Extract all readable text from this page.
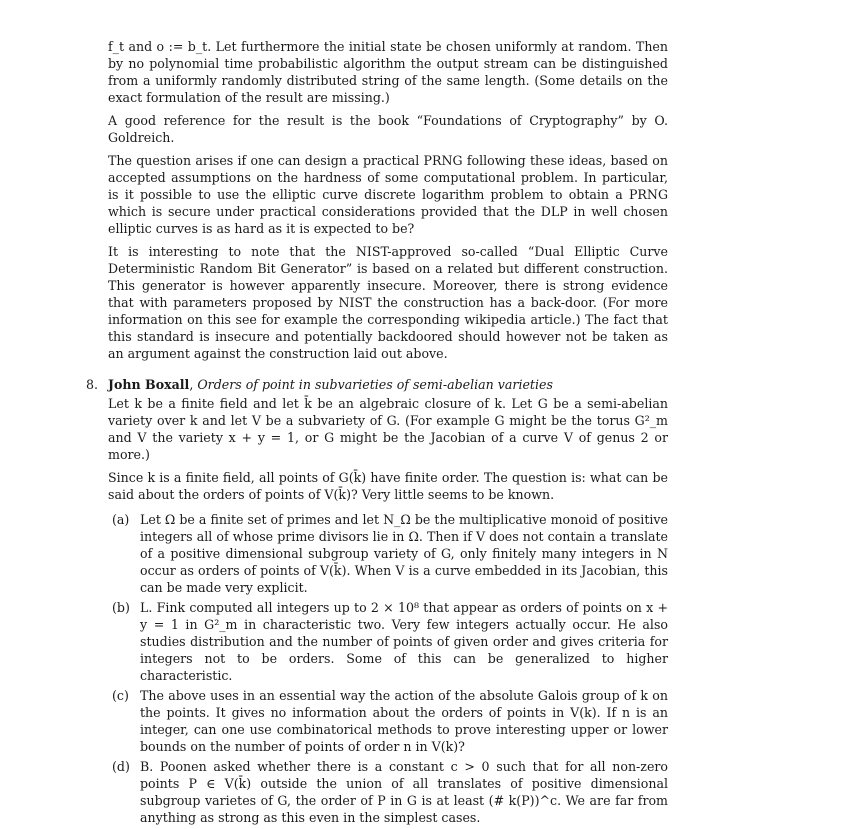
f_t and o := b_t. Let furthermore the initial state be chosen uniformly at random. Then by no polynomial time probabilistic algorithm the output stream can be distinguished from a uniformly randomly distributed string of the same length. (Some details on the exact formulation of the result are missing.)

A good reference for the result is the book “Foundations of Cryptography” by O. Goldreich.

The question arises if one can design a practical PRNG following these ideas, based on accepted assumptions on the hardness of some computational problem. In particular, is it possible to use the elliptic curve discrete logarithm problem to obtain a PRNG which is secure under practical considerations provided that the DLP in well chosen elliptic curves is as hard as it is expected to be?

It is interesting to note that the NIST-approved so-called “Dual Elliptic Curve Deterministic Random Bit Generator” is based on a related but different construction. This generator is however apparently insecure. Moreover, there is strong evidence that with parameters proposed by NIST the construction has a back-door. (For more information on this see for example the corresponding wikipedia article.) The fact that this standard is insecure and potentially backdoored should however not be taken as an argument against the construction laid out above.

8. John Boxall, Orders of point in subvarieties of semi-abelian varieties

Let k be a finite field and let k̄ be an algebraic closure of k. Let G be a semi-abelian variety over k and let V be a subvariety of G. (For example G might be the torus G²_m and V the variety x + y = 1, or G might be the Jacobian of a curve V of genus 2 or more.)

Since k is a finite field, all points of G(k̄) have finite order. The question is: what can be said about the orders of points of V(k̄)? Very little seems to be known.

(a) Let Ω be a finite set of primes and let N_Ω be the multiplicative monoid of positive integers all of whose prime divisors lie in Ω. Then if V does not contain a translate of a positive dimensional subgroup variety of G, only finitely many integers in N occur as orders of points of V(k̄). When V is a curve embedded in its Jacobian, this can be made very explicit.

(b) L. Fink computed all integers up to 2 × 10⁸ that appear as orders of points on x + y = 1 in G²_m in characteristic two. Very few integers actually occur. He also studies distribution and the number of points of given order and gives criteria for integers not to be orders. Some of this can be generalized to higher characteristic.

(c) The above uses in an essential way the action of the absolute Galois group of k on the points. It gives no information about the orders of points in V(k). If n is an integer, can one use combinatorical methods to prove interesting upper or lower bounds on the number of points of order n in V(k)?

(d) B. Poonen asked whether there is a constant c > 0 such that for all non-zero points P ∈ V(k̄) outside the union of all translates of positive dimensional subgroup varietes of G, the order of P in G is at least (# k(P))^c. We are far from anything as strong as this even in the simplest cases.
